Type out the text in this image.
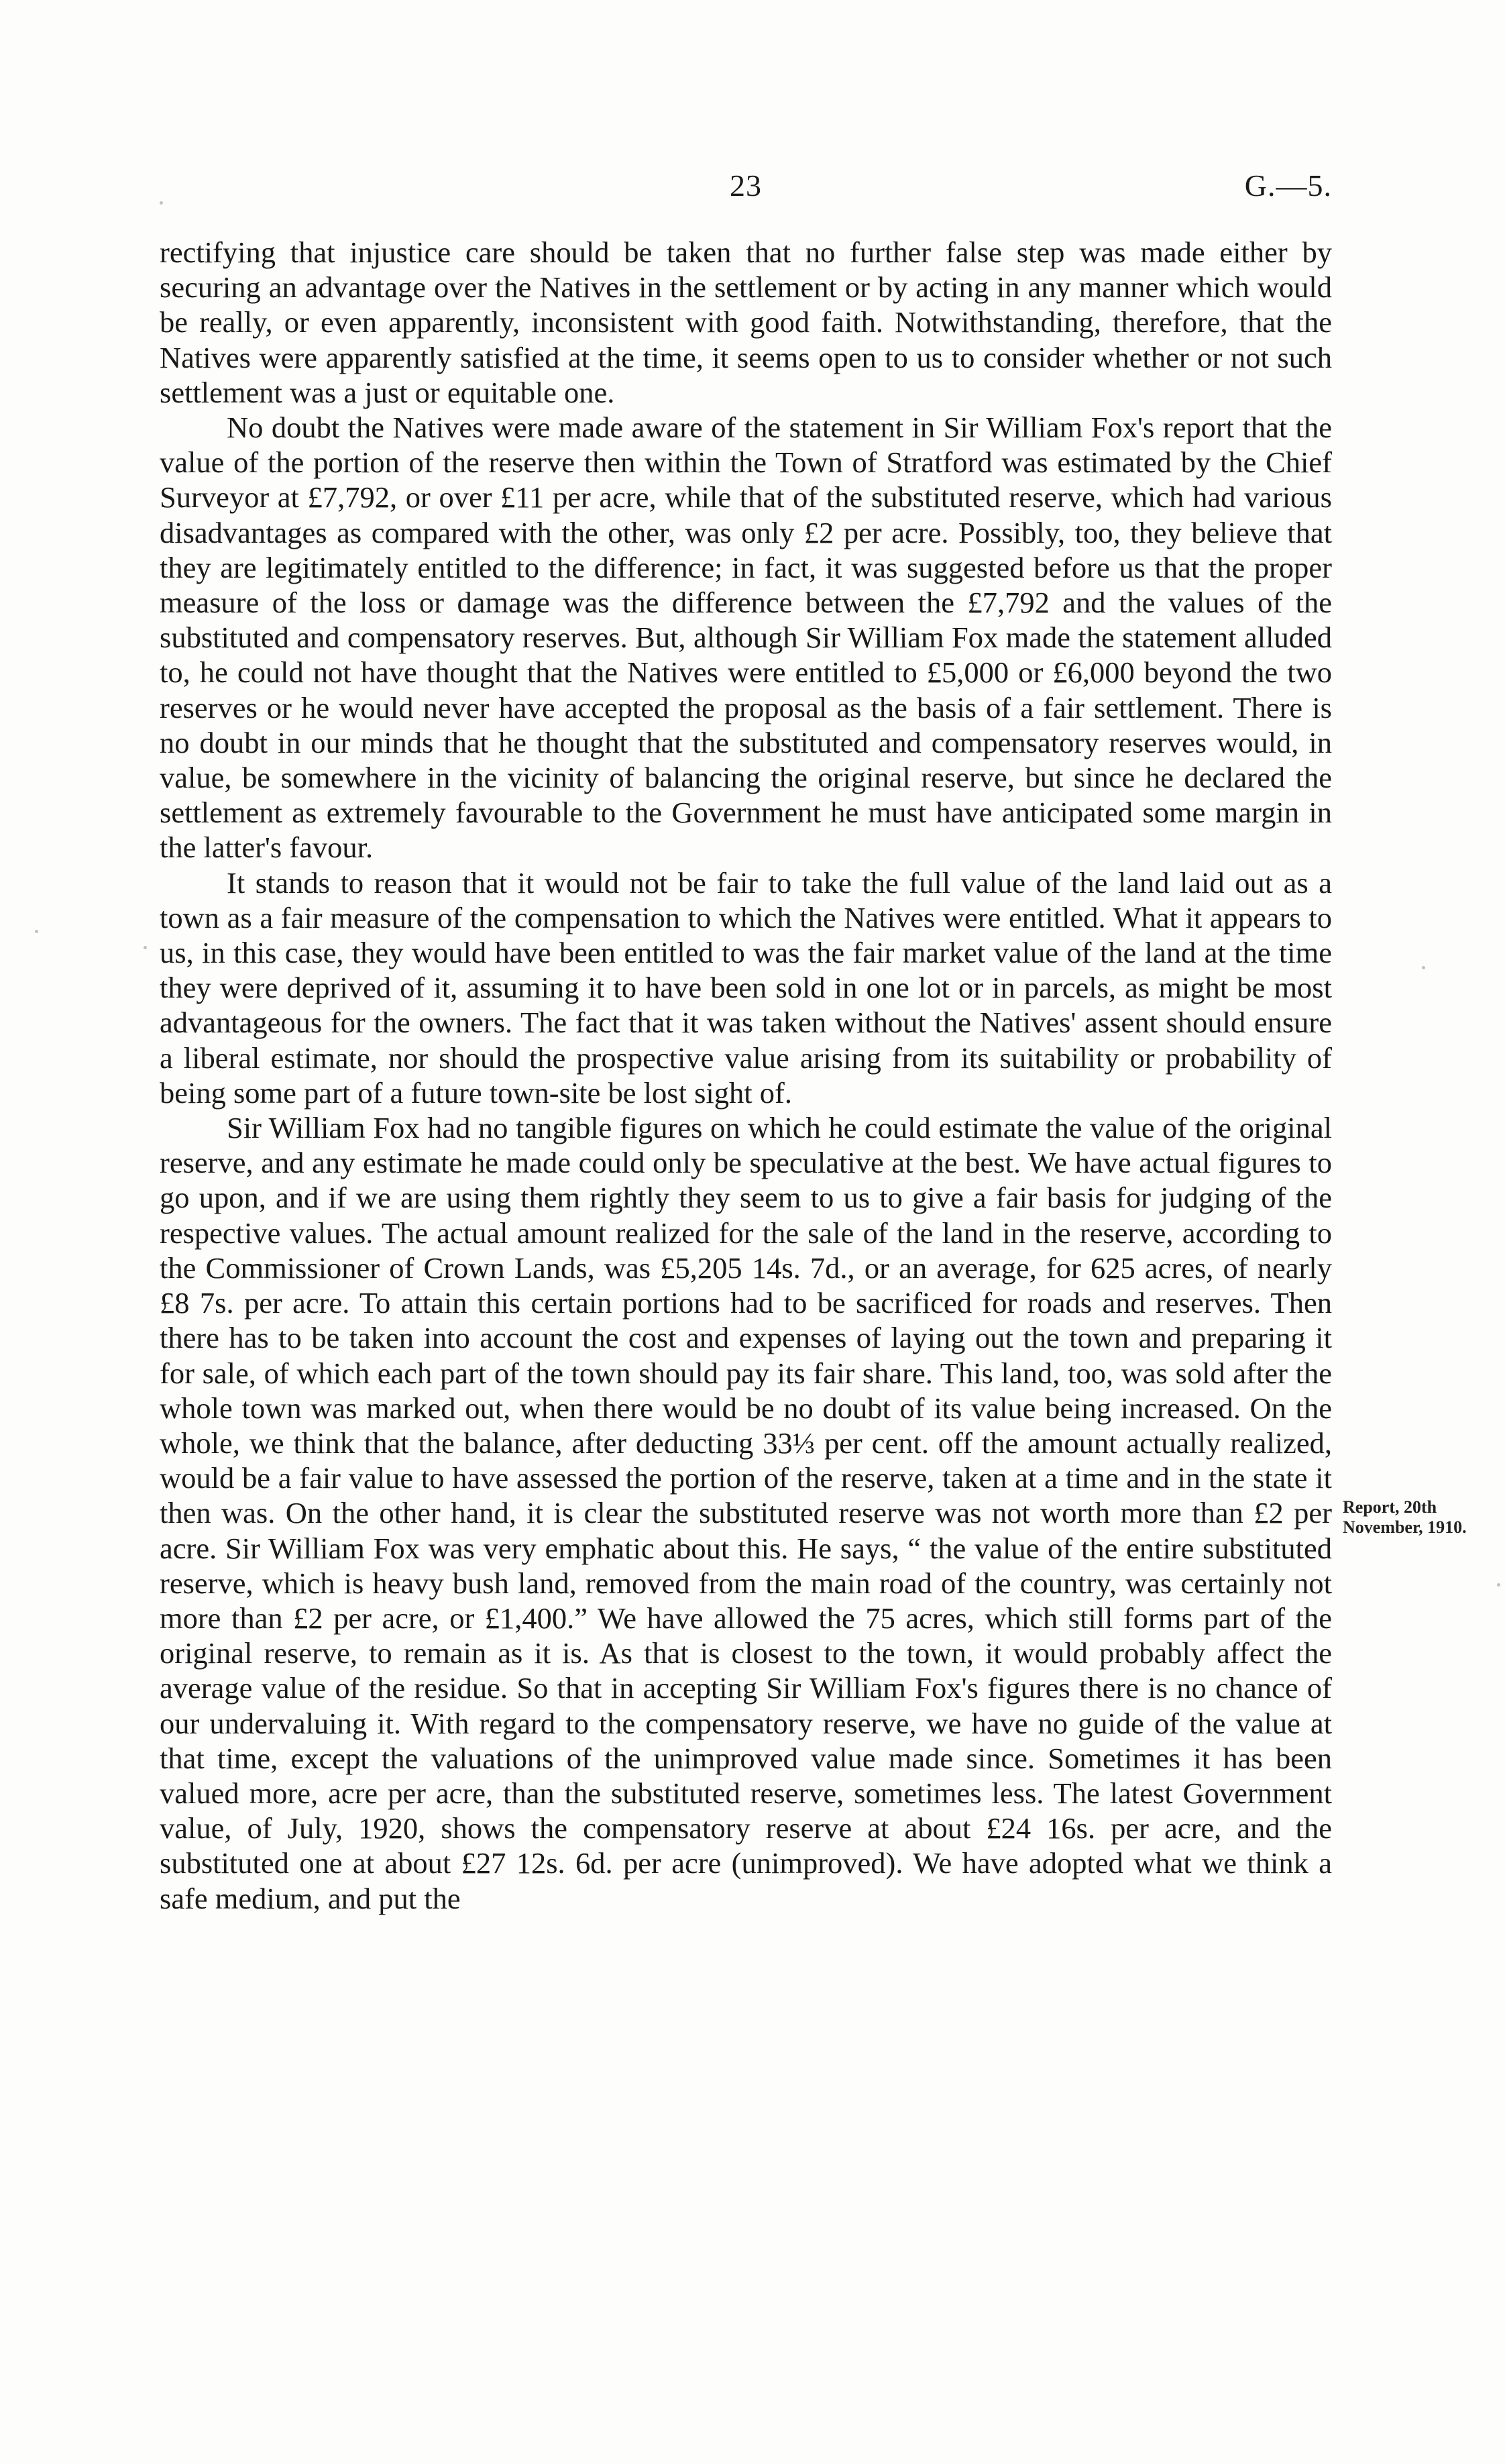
23	G.—5.

rectifying that injustice care should be taken that no further false step was made either by securing an advantage over the Natives in the settlement or by acting in any manner which would be really, or even apparently, inconsistent with good faith. Notwithstanding, therefore, that the Natives were apparently satisfied at the time, it seems open to us to consider whether or not such settlement was a just or equitable one.

No doubt the Natives were made aware of the statement in Sir William Fox's report that the value of the portion of the reserve then within the Town of Stratford was estimated by the Chief Surveyor at £7,792, or over £11 per acre, while that of the substituted reserve, which had various disadvantages as compared with the other, was only £2 per acre. Possibly, too, they believe that they are legitimately entitled to the difference; in fact, it was suggested before us that the proper measure of the loss or damage was the difference between the £7,792 and the values of the substituted and compensatory reserves. But, although Sir William Fox made the statement alluded to, he could not have thought that the Natives were entitled to £5,000 or £6,000 beyond the two reserves or he would never have accepted the proposal as the basis of a fair settlement. There is no doubt in our minds that he thought that the substituted and compensatory reserves would, in value, be somewhere in the vicinity of balancing the original reserve, but since he declared the settlement as extremely favourable to the Government he must have anticipated some margin in the latter's favour.

It stands to reason that it would not be fair to take the full value of the land laid out as a town as a fair measure of the compensation to which the Natives were entitled. What it appears to us, in this case, they would have been entitled to was the fair market value of the land at the time they were deprived of it, assuming it to have been sold in one lot or in parcels, as might be most advantageous for the owners. The fact that it was taken without the Natives' assent should ensure a liberal estimate, nor should the prospective value arising from its suitability or probability of being some part of a future town-site be lost sight of.

Sir William Fox had no tangible figures on which he could estimate the value of the original reserve, and any estimate he made could only be speculative at the best. We have actual figures to go upon, and if we are using them rightly they seem to us to give a fair basis for judging of the respective values. The actual amount realized for the sale of the land in the reserve, according to the Commissioner of Crown Lands, was £5,205 14s. 7d., or an average, for 625 acres, of nearly £8 7s. per acre. To attain this certain portions had to be sacrificed for roads and reserves. Then there has to be taken into account the cost and expenses of laying out the town and preparing it for sale, of which each part of the town should pay its fair share. This land, too, was sold after the whole town was marked out, when there would be no doubt of its value being increased. On the whole, we think that the balance, after deducting 33⅓ per cent. off the amount actually realized, would be a fair value to have assessed the portion of the reserve, taken at a time and in the state it then was. On the other hand, it is clear the substituted reserve was not worth more than £2 per acre. Sir William Fox was very emphatic about this. He says, “ the value of the entire substituted reserve, which is heavy bush land, removed from the main road of the country, was certainly not more than £2 per acre, or £1,400.” We have allowed the 75 acres, which still forms part of the original reserve, to remain as it is. As that is closest to the town, it would probably affect the average value of the residue. So that in accepting Sir William Fox's figures there is no chance of our undervaluing it. With regard to the compensatory reserve, we have no guide of the value at that time, except the valuations of the unimproved value made since. Sometimes it has been valued more, acre per acre, than the substituted reserve, sometimes less. The latest Government value, of July, 1920, shows the compensatory reserve at about £24 16s. per acre, and the substituted one at about £27 12s. 6d. per acre (unimproved). We have adopted what we think a safe medium, and put the

Report, 20th November, 1910.
